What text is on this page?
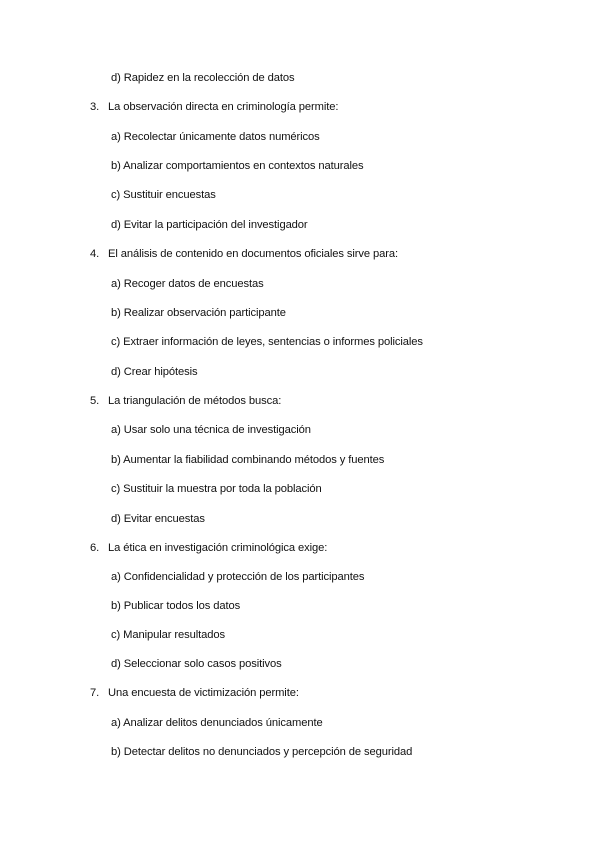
d) Rapidez en la recolección de datos
3. La observación directa en criminología permite:
a) Recolectar únicamente datos numéricos
b) Analizar comportamientos en contextos naturales
c) Sustituir encuestas
d) Evitar la participación del investigador
4. El análisis de contenido en documentos oficiales sirve para:
a) Recoger datos de encuestas
b) Realizar observación participante
c) Extraer información de leyes, sentencias o informes policiales
d) Crear hipótesis
5. La triangulación de métodos busca:
a) Usar solo una técnica de investigación
b) Aumentar la fiabilidad combinando métodos y fuentes
c) Sustituir la muestra por toda la población
d) Evitar encuestas
6. La ética en investigación criminológica exige:
a) Confidencialidad y protección de los participantes
b) Publicar todos los datos
c) Manipular resultados
d) Seleccionar solo casos positivos
7. Una encuesta de victimización permite:
a) Analizar delitos denunciados únicamente
b) Detectar delitos no denunciados y percepción de seguridad
